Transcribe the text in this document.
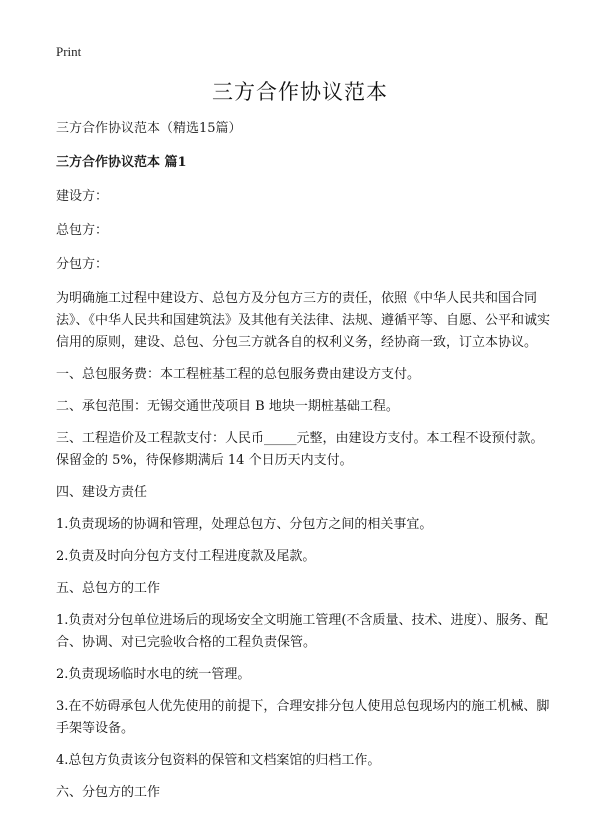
Print
三方合作协议范本
三方合作协议范本（精选15篇）
三方合作协议范本 篇1
建设方：
总包方：
分包方：
为明确施工过程中建设方、总包方及分包方三方的责任，依照《中华人民共和国合同法》、《中华人民共和国建筑法》及其他有关法律、法规、遵循平等、自愿、公平和诚实信用的原则，建设、总包、分包三方就各自的权利义务，经协商一致，订立本协议。
一、总包服务费：本工程桩基工程的总包服务费由建设方支付。
二、承包范围：无锡交通世茂项目 B 地块一期桩基础工程。
三、工程造价及工程款支付：人民币_____元整，由建设方支付。本工程不设预付款。保留金的 5%，待保修期满后 14 个日历天内支付。
四、建设方责任
1.负责现场的协调和管理，处理总包方、分包方之间的相关事宜。
2.负责及时向分包方支付工程进度款及尾款。
五、总包方的工作
1.负责对分包单位进场后的现场安全文明施工管理(不含质量、技术、进度）、服务、配合、协调、对已完验收合格的工程负责保管。
2.负责现场临时水电的统一管理。
3.在不妨碍承包人优先使用的前提下，合理安排分包人使用总包现场内的施工机械、脚手架等设备。
4.总包方负责该分包资料的保管和文档案馆的归档工作。
六、分包方的工作
